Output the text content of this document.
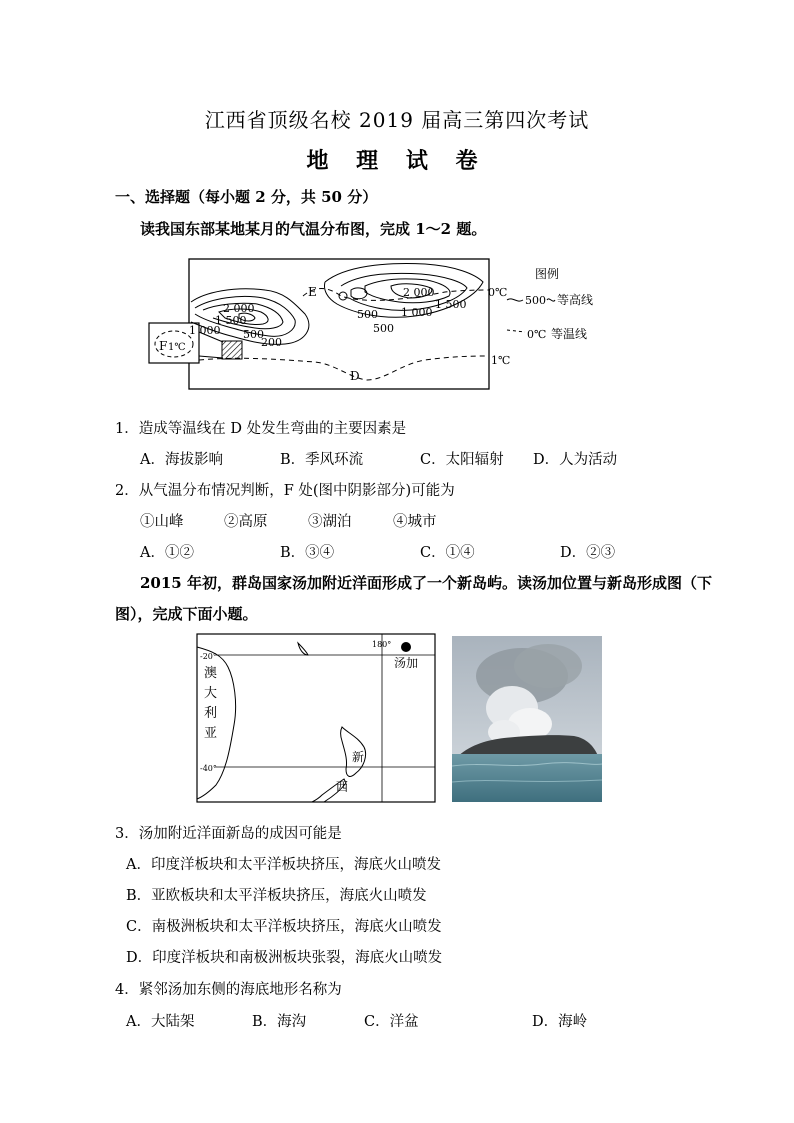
江西省顶级名校 2019 届高三第四次考试
地 理 试 卷
一、选择题（每小题 2 分，共 50 分）
读我国东部某地某月的气温分布图，完成 1～2 题。
E
D
F 1℃
2 000
1 500
1 000 500
200
2 000
1 500
1 000
500
500
0℃
1℃
图例
500 等高线
0℃ 等温线
1．造成等温线在 D 处发生弯曲的主要因素是
A．海拔影响	B．季风环流	C．太阳辐射 D．人为活动
2．从气温分布情况判断，F 处(图中阴影部分)可能为
①山峰	②高原	③湖泊	④城市
A．①②	B．③④	C．①④	D．②③
2015 年初，群岛国家汤加附近洋面形成了一个新岛屿。读汤加位置与新岛形成图（下
图），完成下面小题。
-20°
-40°
180°
汤加
澳
大
利
亚
新
西
3．汤加附近洋面新岛的成因可能是
A．印度洋板块和太平洋板块挤压，海底火山喷发
B．亚欧板块和太平洋板块挤压，海底火山喷发
C．南极洲板块和太平洋板块挤压，海底火山喷发
D．印度洋板块和南极洲板块张裂，海底火山喷发
4．紧邻汤加东侧的海底地形名称为
A．大陆架	B．海沟	C．洋盆	D．海岭
